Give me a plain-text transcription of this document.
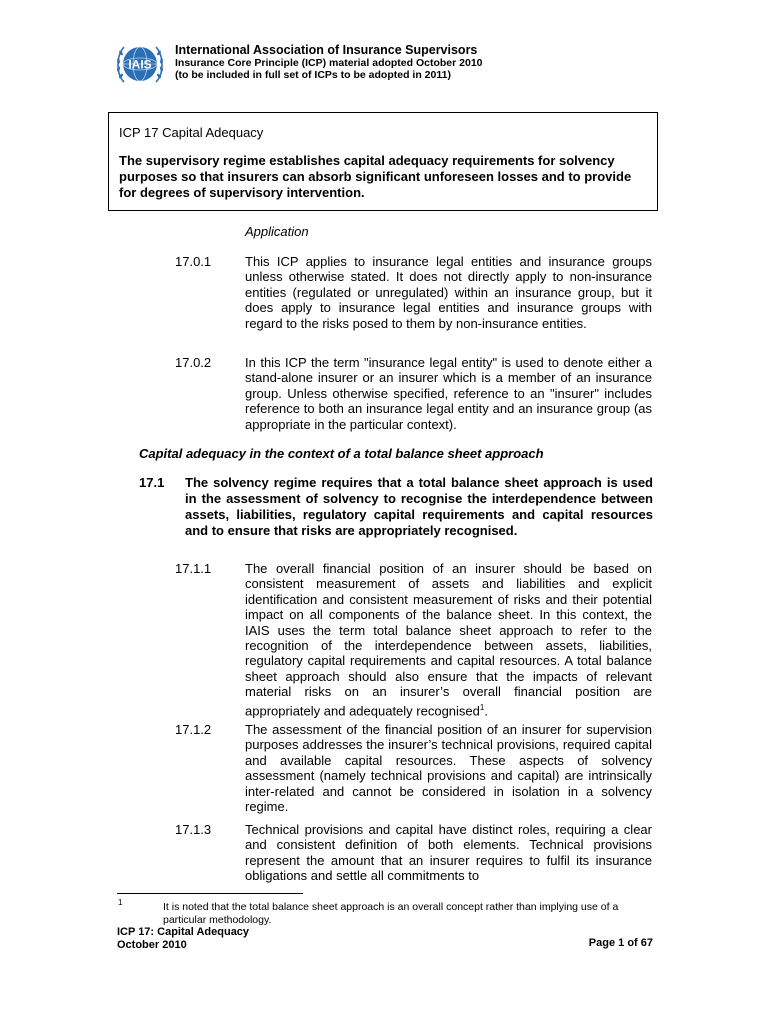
IAIS
International Association of Insurance Supervisors
Insurance Core Principle (ICP) material adopted October 2010
(to be included in full set of ICPs to be adopted in 2011)

ICP 17 Capital Adequacy

The supervisory regime establishes capital adequacy requirements for solvency purposes so that insurers can absorb significant unforeseen losses and to provide for degrees of supervisory intervention.

Application
17.0.1	This ICP applies to insurance legal entities and insurance groups unless otherwise stated. It does not directly apply to non-insurance entities (regulated or unregulated) within an insurance group, but it does apply to insurance legal entities and insurance groups with regard to the risks posed to them by non-insurance entities.
17.0.2	In this ICP the term "insurance legal entity" is used to denote either a stand-alone insurer or an insurer which is a member of an insurance group. Unless otherwise specified, reference to an "insurer" includes reference to both an insurance legal entity and an insurance group (as appropriate in the particular context).
Capital adequacy in the context of a total balance sheet approach
17.1 The solvency regime requires that a total balance sheet approach is used in the assessment of solvency to recognise the interdependence between assets, liabilities, regulatory capital requirements and capital resources and to ensure that risks are appropriately recognised.
17.1.1	The overall financial position of an insurer should be based on consistent measurement of assets and liabilities and explicit identification and consistent measurement of risks and their potential impact on all components of the balance sheet. In this context, the IAIS uses the term total balance sheet approach to refer to the recognition of the interdependence between assets, liabilities, regulatory capital requirements and capital resources. A total balance sheet approach should also ensure that the impacts of relevant material risks on an insurer’s overall financial position are appropriately and adequately recognised$^1$.
17.1.2	The assessment of the financial position of an insurer for supervision purposes addresses the insurer’s technical provisions, required capital and available capital resources. These aspects of solvency assessment (namely technical provisions and capital) are intrinsically inter-related and cannot be considered in isolation in a solvency regime.
17.1.3	Technical provisions and capital have distinct roles, requiring a clear and consistent definition of both elements. Technical provisions represent the amount that an insurer requires to fulfil its insurance obligations and settle all commitments to
1	It is noted that the total balance sheet approach is an overall concept rather than implying use of a particular methodology.
ICP 17: Capital Adequacy
October 2010	Page 1 of 67
